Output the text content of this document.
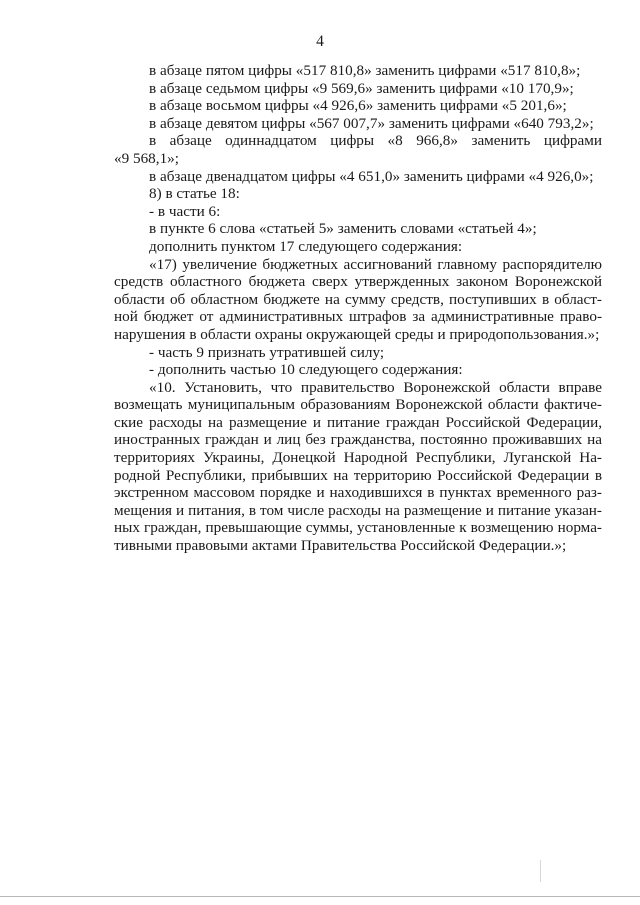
4
в абзаце пятом цифры «517 810,8» заменить цифрами «517 810,8»;
в абзаце седьмом цифры «9 569,6» заменить цифрами «10 170,9»;
в абзаце восьмом цифры «4 926,6» заменить цифрами «5 201,6»;
в абзаце девятом цифры «567 007,7» заменить цифрами «640 793,2»;
в абзаце одиннадцатом цифры «8 966,8» заменить цифрами
«9 568,1»;
в абзаце двенадцатом цифры «4 651,0» заменить цифрами «4 926,0»;
8) в статье 18:
- в части 6:
в пункте 6 слова «статьей 5» заменить словами «статьей 4»;
дополнить пунктом 17 следующего содержания:
«17) увеличение бюджетных ассигнований главному распорядителю
средств областного бюджета сверх утвержденных законом Воронежской
области об областном бюджете на сумму средств, поступивших в област-
ной бюджет от административных штрафов за административные право-
нарушения в области охраны окружающей среды и природопользования.»;
- часть 9 признать утратившей силу;
- дополнить частью 10 следующего содержания:
«10. Установить, что правительство Воронежской области вправе
возмещать муниципальным образованиям Воронежской области фактиче-
ские расходы на размещение и питание граждан Российской Федерации,
иностранных граждан и лиц без гражданства, постоянно проживавших на
территориях Украины, Донецкой Народной Республики, Луганской На-
родной Республики, прибывших на территорию Российской Федерации в
экстренном массовом порядке и находившихся в пунктах временного раз-
мещения и питания, в том числе расходы на размещение и питание указан-
ных граждан, превышающие суммы, установленные к возмещению норма-
тивными правовыми актами Правительства Российской Федерации.»;
